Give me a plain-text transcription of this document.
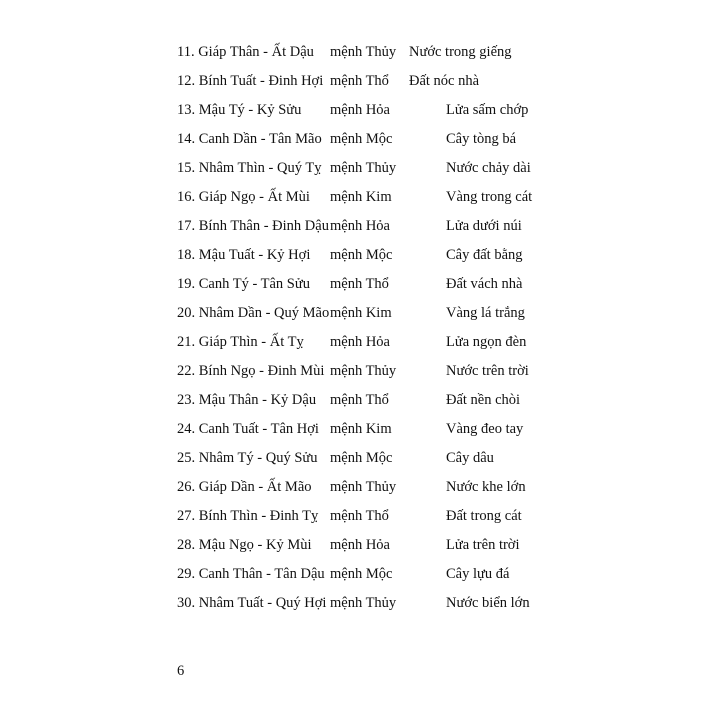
11. Giáp Thân - Ất Dậu mệnh Thủy Nước trong giếng
12. Bính Tuất - Đinh Hợi mệnh Thổ Đất nóc nhà
13. Mậu Tý - Kỷ Sửu mệnh Hỏa	Lửa sấm chớp
14. Canh Dần - Tân Mão mệnh Mộc	Cây tòng bá
15. Nhâm Thìn - Quý Tỵ mệnh Thủy	Nước chảy dài
16. Giáp Ngọ - Ất Mùi mệnh Kim	Vàng trong cát
17. Bính Thân - Đinh Dậu mệnh Hỏa	Lửa dưới núi
18. Mậu Tuất - Kỷ Hợi mệnh Mộc	Cây đất bằng
19. Canh Tý - Tân Sửu mệnh Thổ	Đất vách nhà
20. Nhâm Dần - Quý Mão mệnh Kim	Vàng lá trắng
21. Giáp Thìn - Ất Tỵ mệnh Hỏa	Lửa ngọn đèn
22. Bính Ngọ - Đinh Mùi mệnh Thủy	Nước trên trời
23. Mậu Thân - Kỷ Dậu mệnh Thổ	Đất nền chòi
24. Canh Tuất - Tân Hợi mệnh Kim	Vàng đeo tay
25. Nhâm Tý - Quý Sửu mệnh Mộc	Cây dâu
26. Giáp Dần - Ất Mão mệnh Thủy	Nước khe lớn
27. Bính Thìn - Đinh Tỵ mệnh Thổ	Đất trong cát
28. Mậu Ngọ - Kỷ Mùi mệnh Hỏa	Lửa trên trời
29. Canh Thân - Tân Dậu mệnh Mộc	Cây lựu đá
30. Nhâm Tuất - Quý Hợi mệnh Thủy	Nước biển lớn
6
